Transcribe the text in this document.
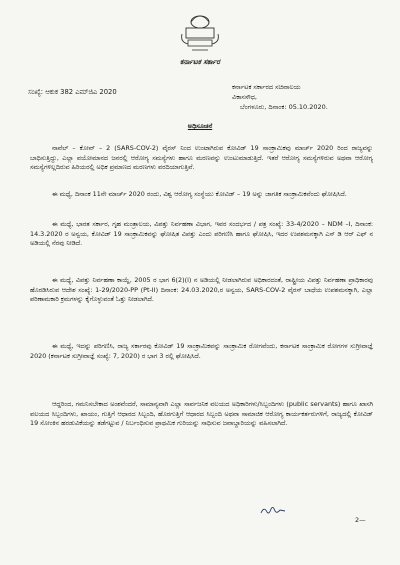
ಕರ್ನಾಟಕ ಸರ್ಕಾರ
ಸಂಖ್ಯೆ: ಆಕುಕ 382 ಎಮ್‌ಜಿಎ 2020
ಕರ್ನಾಟಕ ಸರ್ಕಾರದ ಸಚಿವಾಲಯ
ವಿಕಾಸಸೌಧ,
ಬೆಂಗಳೂರು, ದಿನಾಂಕ: 05.10.2020.
ಅಧಿಸೂಚನೆ
ನಾವೆಲ್ – ಕೋವ್ – 2 (SARS-COV-2) ವೈರಸ್ ನಿಂದ ಉಂಟಾಗಿರುವ ಕೋವಿಡ್ 19 ಸಾಂಕ್ರಾಮಿಕವು ಮಾರ್ಚ್ 2020 ರಿಂದ ರಾಜ್ಯವನ್ನು ಬಾಧಿಸುತ್ತಿದ್ದು, ಎಲ್ಲಾ ವಯೋಮಾನದ ಜನರಲ್ಲಿ ಆರೋಗ್ಯ ಸಮಸ್ಯೆಗಳು ಹಾಗೂ ಮರಣವನ್ನು ಉಂಟುಮಾಡುತ್ತಿದೆ. ಇತರೆ ಆರೋಗ್ಯ ಸಮಸ್ಯೆಗಳಿರುವ ಅಥವಾ ಆರೋಗ್ಯ ಸಮಸ್ಯೆಗಳಿಲ್ಲದಿರುವ ಹಿರಿಯರಲ್ಲಿ ಅಧಿಕ ಪ್ರಮಾಣದ ಮರಣಗಳು ವರದಿಯಾಗುತ್ತಿವೆ.
ಈ ಮಧ್ಯೆ, ದಿನಾಂಕ 11ನೇ ಮಾರ್ಚ್ 2020 ರಂದು, ವಿಶ್ವ ಆರೋಗ್ಯ ಸಂಸ್ಥೆಯು ಕೋವಿಡ್ – 19 ಅನ್ನು ಜಾಗತಿಕ ಸಾಂಕ್ರಾಮಿಕವೆಂದು ಘೋಷಿಸಿದೆ.
ಈ ಮಧ್ಯೆ, ಭಾರತ ಸರ್ಕಾರ, ಗೃಹ ಮಂತ್ರಾಲಯ, ವಿಪತ್ತು ನಿರ್ವಹಣಾ ವಿಭಾಗ, ಇವರ ಸಂದರ್ಭದ / ಪತ್ರ ಸಂಖ್ಯೆ: 33-4/2020 – NDM –I, ದಿನಾಂಕ: 14.3.2020 ರ ಅನ್ವಯ, ಕೋವಿಡ್ 19 ಸಾಂಕ್ರಾಮಿಕವನ್ನು ಘೋಷಿತ ವಿಪತ್ತು ಎಂದು ಪರಿಗಣಿಸಿ ಹಾಗೂ ಘೋಷಿಸಿ, ಇದರ ಉಪಶಮನಕ್ಕಾಗಿ ಎಸ್ ಡಿ ಆರ್ ಎಫ್ ನ ಅಡಿಯಲ್ಲಿ ನೆರವು ನೀಡಿದೆ.
ಈ ಮಧ್ಯೆ, ವಿಪತ್ತು ನಿರ್ವಹಣಾ ಕಾಯ್ದೆ, 2005 ರ ಭಾಗ 6(2)(i) ನ ಅಡಿಯಲ್ಲಿ ನೀಡಲಾಗಿರುವ ಅಧಿಕಾರದಂತೆ, ರಾಷ್ಟ್ರೀಯ ವಿಪತ್ತು ನಿರ್ವಹಣಾ ಪ್ರಾಧಿಕಾರವು ಹೊರಡಿಸಿರುವ ಆದೇಶ ಸಂಖ್ಯೆ: 1-29/2020-PP (Pt-II) ದಿನಾಂಕ: 24.03.2020,ರ ಅನ್ವಯ, SARS-COV-2 ವೈರಸ್ ಬಾಧೆಯ ಉಪಶಮನಕ್ಕಾಗಿ, ಎಲ್ಲಾ ಪರಿಣಾಮಕಾರಿ ಕ್ರಮಗಳನ್ನು ಕೈಗೊಳ್ಳುವಂತೆ ಓತ್ತು ನೀಡಲಾಗಿದೆ.
ಈ ಮಧ್ಯೆ, ಇದನ್ನು ಪರಿಗಣಿಸಿ, ರಾಜ್ಯ ಸರ್ಕಾರವು ಕೋವಿಡ್ 19 ಸಾಂಕ್ರಾಮಿಕವನ್ನು ಸಾಂಕ್ರಾಮಿಕ ರೋಗವೆಂದು, ಕರ್ನಾಟಕ ಸಾಂಕ್ರಾಮಿಕ ರೋಗಗಳ ಸುಗ್ರೀವಾಜ್ಞೆ 2020 (ಕರ್ನಾಟಕ ಸುಗ್ರೀವಾಜ್ಞೆ ಸಂಖ್ಯೆ: 7, 2020) ರ ಭಾಗ 3 ರಲ್ಲಿ ಘೋಷಿಸಿದೆ.
ಆದ್ದರಿಂದ, ಗಮನಿಸಬೇಕಾದ ಅಂಶವೆಂದರೆ, ಸಾಮಾನ್ಯವಾಗಿ ಎಲ್ಲಾ ಸಾರ್ವಜನಿಕ ವಲಯದ ಅಧಿಕಾರಿಗಳು/ಸಿಬ್ಬಂದಿಗಳು (public servants) ಹಾಗೂ ಖಾಸಗಿ ವಲಯದ ಸಿಬ್ಬಂದಿಗಳು, ಖಾಯಂ, ಗುತ್ತಿಗೆ ಆಧಾರದ ಸಿಬ್ಬಂದಿ, ಹೊರಗುತ್ತಿಗೆ ಆಧಾರದ ಸಿಬ್ಬಂದಿ ಅಥವಾ ಸಾಮಾಜಿಕ ಆರೋಗ್ಯ ಕಾರ್ಯಕರ್ತರುಗಳಿಗೆ, ರಾಜ್ಯದಲ್ಲಿ ಕೋವಿಡ್ 19 ಸೋಂಕಿನ ಹರಡುವಿಕೆಯನ್ನು ತಡೆಗಟ್ಟುವ / ನಿರ್ಬಂಧಿಸುವ ಪ್ರಾಥಮಿಕ ಗುರಿಯನ್ನು ಸಾಧಿಸುವ ಜವಾಬ್ದಾರಿಯನ್ನು ವಹಿಸಲಾಗಿದೆ.
2—
